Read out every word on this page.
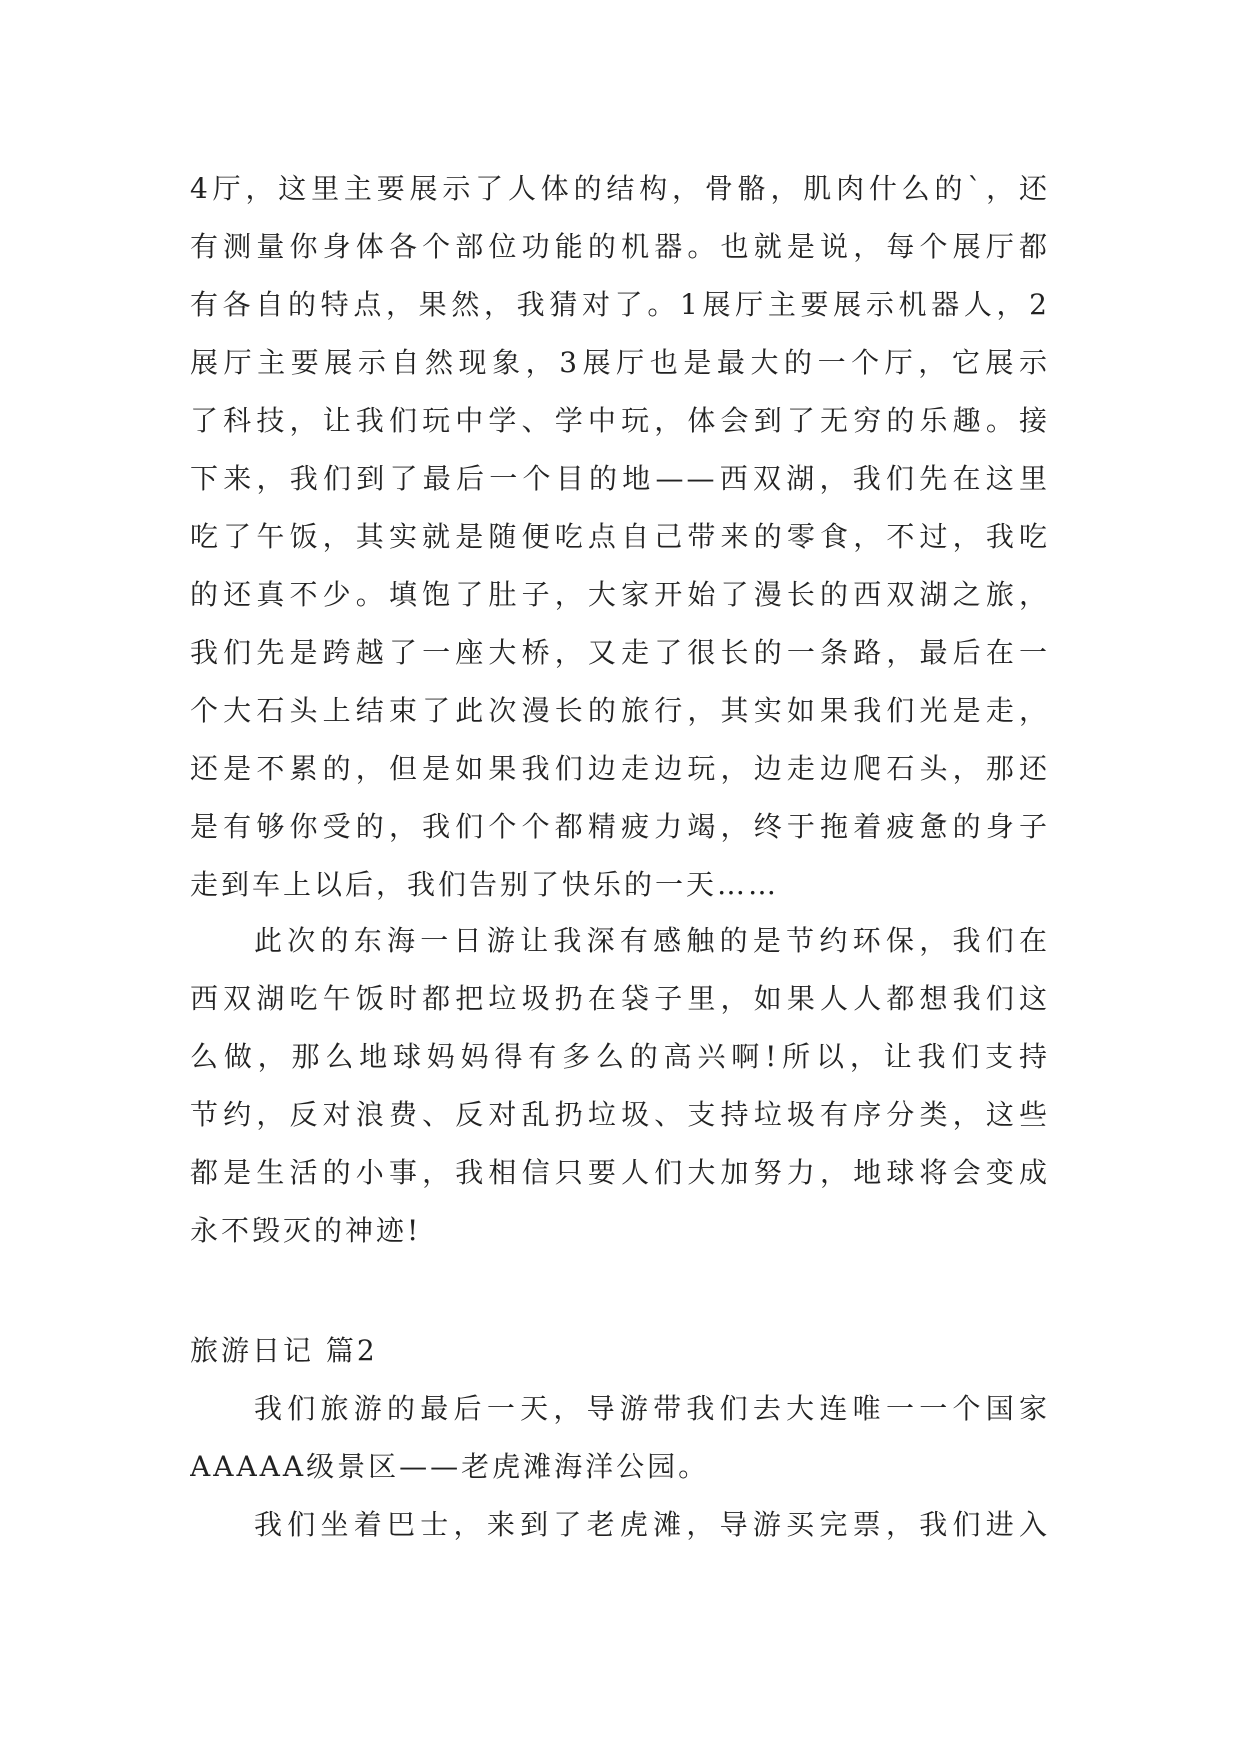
4厅，这里主要展示了人体的结构，骨骼，肌肉什么的`，还
有测量你身体各个部位功能的机器。也就是说，每个展厅都
有各自的特点，果然，我猜对了。1展厅主要展示机器人，2
展厅主要展示自然现象，3展厅也是最大的一个厅，它展示
了科技，让我们玩中学、学中玩，体会到了无穷的乐趣。接
下来，我们到了最后一个目的地——西双湖，我们先在这里
吃了午饭，其实就是随便吃点自己带来的零食，不过，我吃
的还真不少。填饱了肚子，大家开始了漫长的西双湖之旅，
我们先是跨越了一座大桥，又走了很长的一条路，最后在一
个大石头上结束了此次漫长的旅行，其实如果我们光是走，
还是不累的，但是如果我们边走边玩，边走边爬石头，那还
是有够你受的，我们个个都精疲力竭，终于拖着疲惫的身子
走到车上以后，我们告别了快乐的一天……
此次的东海一日游让我深有感触的是节约环保，我们在
西双湖吃午饭时都把垃圾扔在袋子里，如果人人都想我们这
么做，那么地球妈妈得有多么的高兴啊!所以，让我们支持
节约，反对浪费、反对乱扔垃圾、支持垃圾有序分类，这些
都是生活的小事，我相信只要人们大加努力，地球将会变成
永不毁灭的神迹!
旅游日记 篇2
我们旅游的最后一天，导游带我们去大连唯一一个国家
AAAAA级景区——老虎滩海洋公园。
我们坐着巴士，来到了老虎滩，导游买完票，我们进入
